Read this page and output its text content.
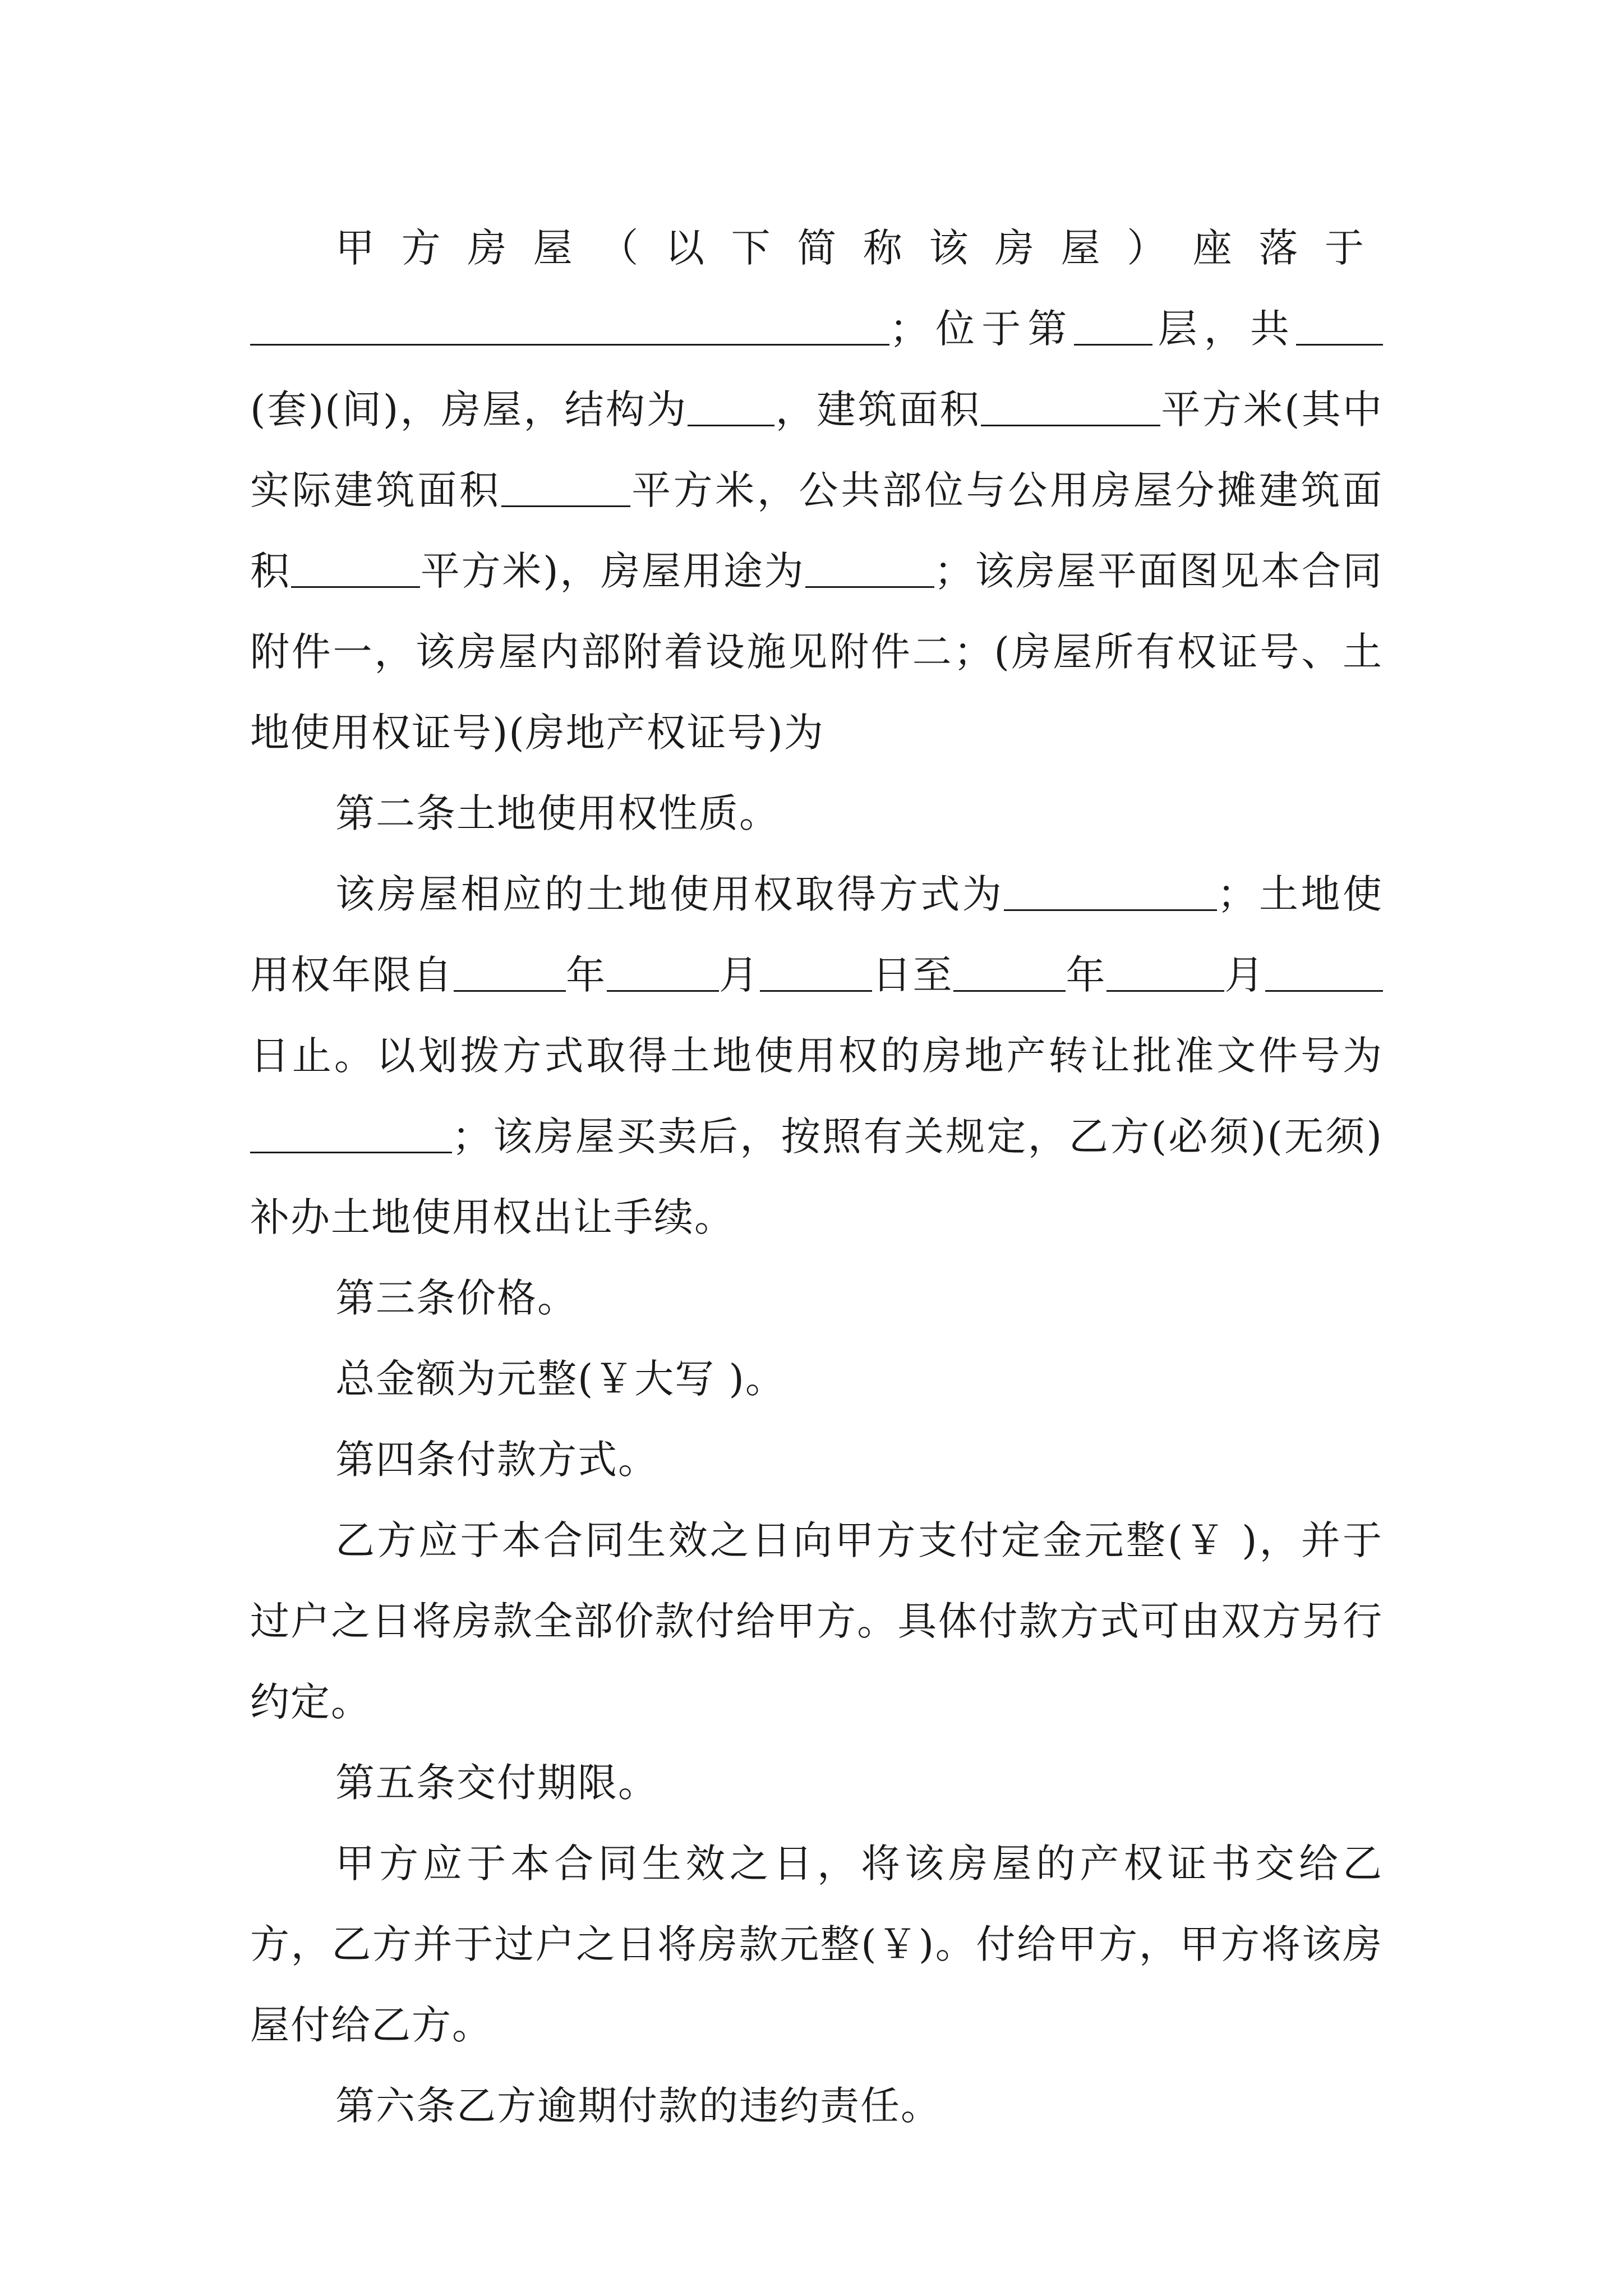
甲方房屋（以下简称该房屋）座落于；位于第 层，共(套)(间)，房屋，结构为 ，建筑面积	平方米(其中实际建筑面积	平方米，公共部位与公用房屋分摊建筑面积	平方米)，房屋用途为	；该房屋平面图见本合同附件一，该房屋内部附着设施见附件二；(房屋所有权证号、土地使用权证号)(房地产权证号)为

第二条土地使用权性质。

该房屋相应的土地使用权取得方式为	；土地使用权年限自	年	月	日至	年	月日止。以划拨方式取得土地使用权的房地产转让批准文件号为；该房屋买卖后，按照有关规定，乙方(必须)(无须)补办土地使用权出让手续。

第三条价格。

总金额为元整(￥大写 )。

第四条付款方式。

乙方应于本合同生效之日向甲方支付定金元整(￥ )，并于过户之日将房款全部价款付给甲方。具体付款方式可由双方另行约定。

第五条交付期限。

甲方应于本合同生效之日，将该房屋的产权证书交给乙方，乙方并于过户之日将房款元整(￥)。付给甲方，甲方将该房屋付给乙方。

第六条乙方逾期付款的违约责任。
